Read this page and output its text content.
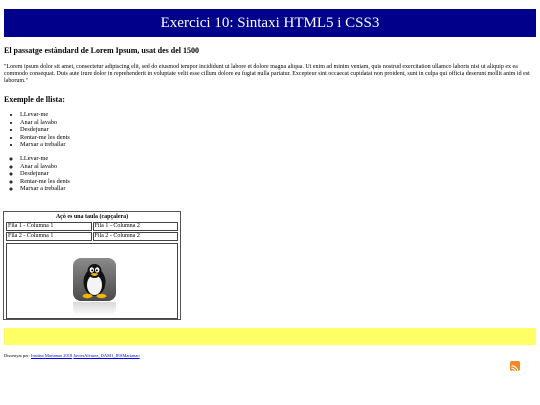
Exercici 10: Sintaxi HTML5 i CSS3
El passatge estàndard de Lorem Ipsum, usat des del 1500

"Lorem ipsum dolor sit amet, consectetur adipiscing elit, sed do eiusmod tempor incididunt ut labore et dolore magna aliqua. Ut enim ad minim veniam, quis nostrud exercitation ullamco laboris nisi ut aliquip ex ea commodo consequat. Duis aute irure dolor in reprehenderit in voluptate velit esse cillum dolore eu fugiat nulla pariatur. Excepteur sint occaecat cupidatat non proident, sunt in culpa qui officia deserunt mollit anim id est laborum."

Exemple de llista:
• LLevar-me
• Anar al lavabo
• Desdejunar
• Rentar-me les dents
• Marxar a treballar
◦ LLevar-me
◦ Anar al lavabo
◦ Desdejunar
◦ Rentar-me les dents
◦ Marxar a treballar
Açò es una taula (capçalera)	
Fila 1 - Columna 1	Fila 1 - Columna 2
Fila 2 - Columna 1	Fila 2 - Columna 2
Dissenyat per: Institut Marianao 2018 JavierAlvarez_DAM1_IESMarianao
